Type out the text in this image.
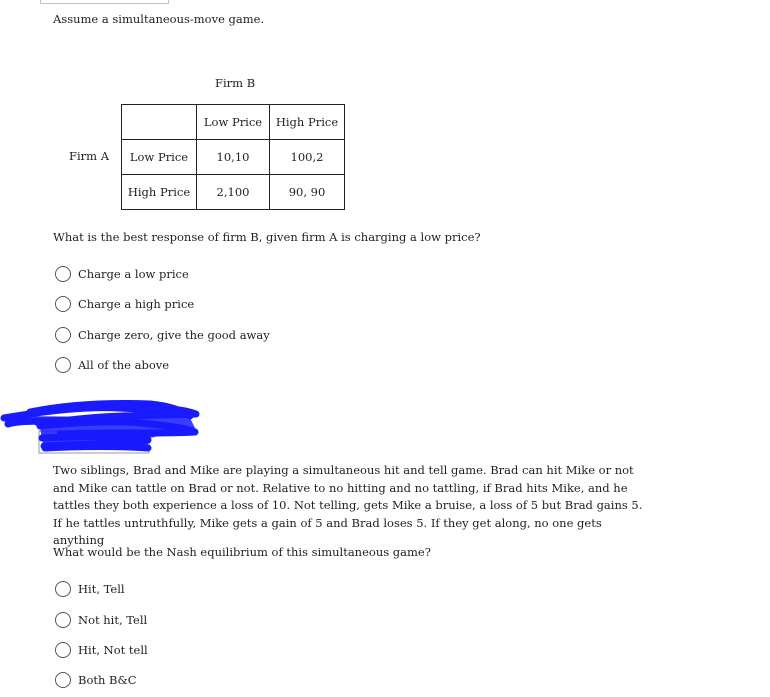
Assume a simultaneous-move game.
Firm B
Firm A
	Low Price	High Price
Low Price	10,10	100,2
High Price	2,100	90, 90
What is the best response of firm B, given firm A is charging a low price?
Charge a low price
Charge a high price
Charge zero, give the good away
All of the above
Two siblings, Brad and Mike are playing a simultaneous hit and tell game. Brad can hit Mike or not and Mike can tattle on Brad or not. Relative to no hitting and no tattling, if Brad hits Mike, and he tattles they both experience a loss of 10. Not telling, gets Mike a bruise, a loss of 5 but Brad gains 5. If he tattles untruthfully, Mike gets a gain of 5 and Brad loses 5. If they get along, no one gets anything
What would be the Nash equilibrium of this simultaneous game?
Hit, Tell
Not hit, Tell
Hit, Not tell
Both B&C
